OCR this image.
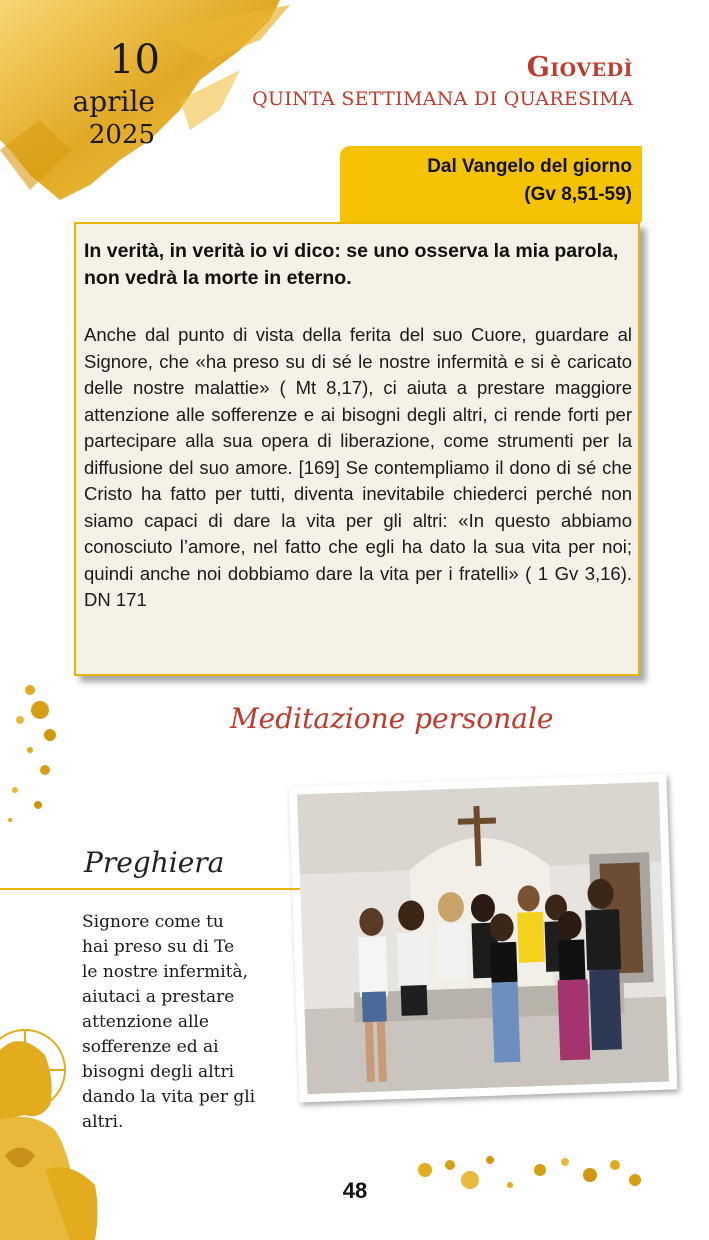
10
aprile
2025
Giovedì
QUINTA SETTIMANA DI QUARESIMA
Dal Vangelo del giorno
(Gv 8,51-59)
In verità, in verità io vi dico: se uno osserva la mia parola, non vedrà la morte in eterno.
Anche dal punto di vista della ferita del suo Cuore, guardare al Signore, che «ha preso su di sé le nostre infermità e si è caricato delle nostre malattie» ( Mt 8,17), ci aiuta a prestare maggiore attenzione alle sofferenze e ai bisogni degli altri, ci rende forti per partecipare alla sua opera di liberazione, come strumenti per la diffusione del suo amore. [169] Se contempliamo il dono di sé che Cristo ha fatto per tutti, diventa inevitabile chiederci perché non siamo capaci di dare la vita per gli altri: «In questo abbiamo conosciuto l’amore, nel fatto che egli ha dato la sua vita per noi; quindi anche noi dobbiamo dare la vita per i fratelli» ( 1 Gv 3,16). DN 171
Meditazione personale
Preghiera
Signore come tu
hai preso su di Te
le nostre infermità,
aiutaci a prestare
attenzione alle
sofferenze ed ai
bisogni degli altri
dando la vita per gli
altri.
48
